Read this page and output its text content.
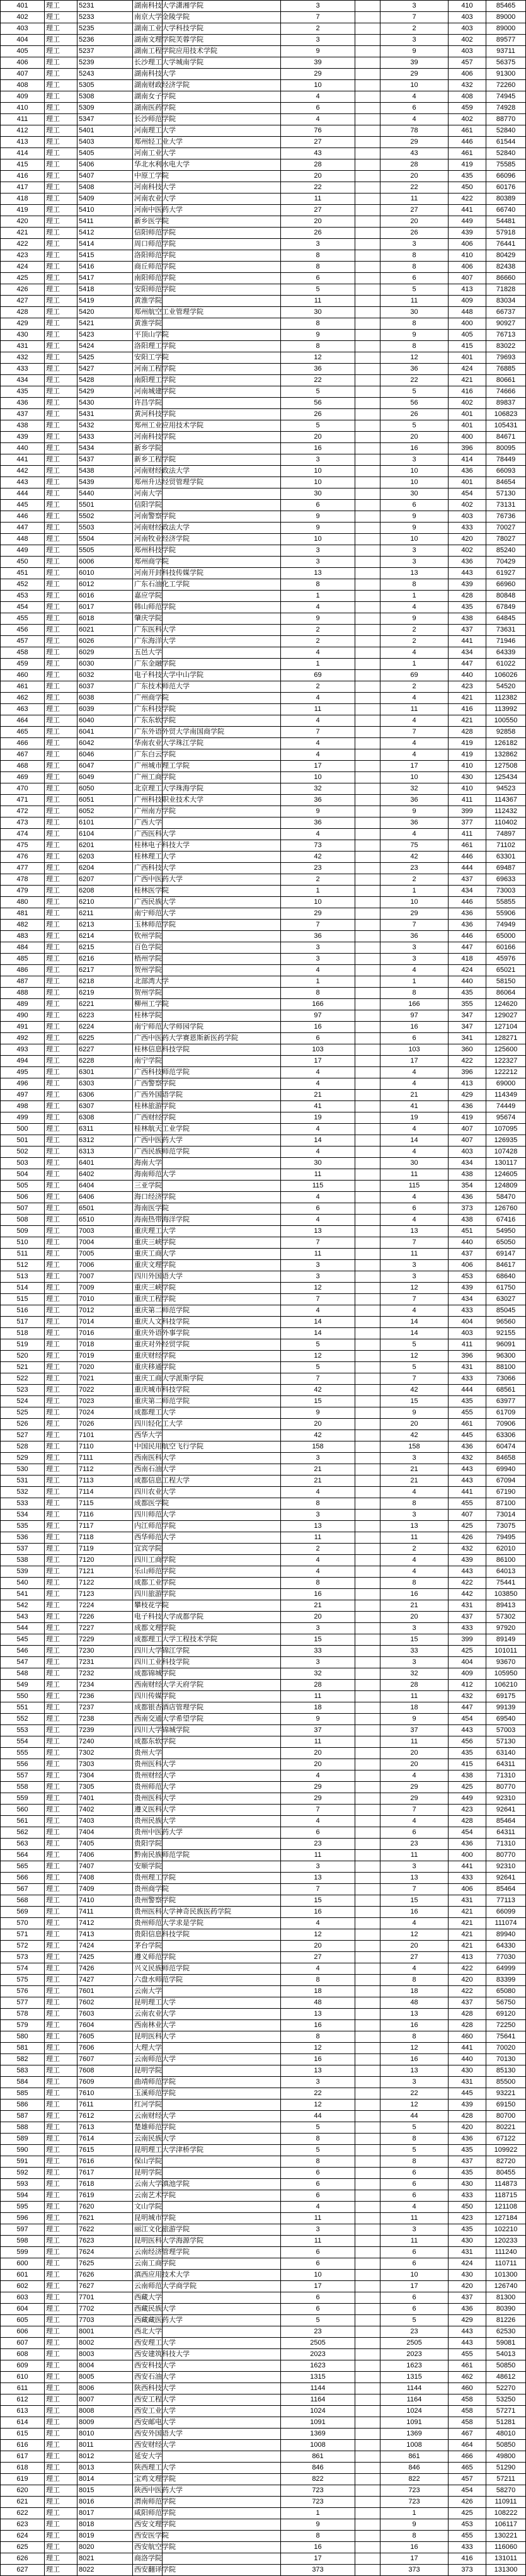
401	理工	5231	湖南科技大学潇湘学院		3		3	410	85465
402	理工	5233	南京大学金陵学院		7		7	403	89000
403	理工	5235	湖南工业大学科技学院		2		2	403	89000
404	理工	5236	湖南文理学院芙蓉学院		3		3	402	89577
405	理工	5237	湖南工程学院应用技术学院		9		9	403	93711
406	理工	5239	长沙理工大学城南学院		39		39	457	56375
407	理工	5243	湖南科技大学		29		29	406	91300
408	理工	5305	湖南财政经济学院		10		10	432	72260
409	理工	5308	湖南女子学院		4		4	408	74945
410	理工	5309	湖南医药学院		6		6	459	74928
411	理工	5347	长沙师范学院		4		4	402	88770
412	理工	5401	河南理工大学		76		78	461	52840
413	理工	5403	郑州轻工业大学		27		29	446	61544
414	理工	5405	河南工业大学		43		43	461	52840
415	理工	5406	华北水利水电大学		28		28	419	75585
416	理工	5407	中原工学院		20		20	435	66096
417	理工	5408	河南科技大学		22		22	450	60176
418	理工	5409	河南农业大学		11		11	422	80389
419	理工	5410	河南中医药大学		27		27	441	66740
420	理工	5411	新乡医学院		20		20	449	54481
421	理工	5412	信阳师范学院		26		26	439	57918
422	理工	5414	周口师范学院		3		3	406	76441
423	理工	5415	洛阳师范学院		8		8	410	80429
424	理工	5416	商丘师范学院		8		8	406	82438
425	理工	5417	南阳师范学院		6		6	407	86660
426	理工	5418	安阳师范学院		5		5	413	71828
427	理工	5419	黄淮学院		11		11	409	83034
428	理工	5420	郑州航空工业管理学院		30		30	448	66737
429	理工	5421	黄淮学院		8		8	400	90927
430	理工	5423	平顶山学院		9		9	405	76713
431	理工	5424	洛阳理工学院		8		8	415	83022
432	理工	5425	安阳工学院		12		12	401	79693
433	理工	5427	河南工程学院		36		36	424	76885
434	理工	5428	南阳理工学院		22		22	421	80661
435	理工	5429	河南城建学院		5		5	416	74666
436	理工	5430	许昌学院		56		56	402	89837
437	理工	5431	黄河科技学院		26		26	401	106823
438	理工	5432	郑州工业应用技术学院		5		5	401	105431
439	理工	5433	河南科技学院		20		20	400	84671
440	理工	5434	新乡学院		16		16	396	80095
441	理工	5437	新乡工程学院		3		3	414	78449
442	理工	5438	河南财经政法大学		10		10	436	66093
443	理工	5439	郑州升达经贸管理学院		10		10	401	84654
444	理工	5440	河南大学		30		30	454	57130
445	理工	5501	信阳学院		6		6	402	73131
446	理工	5502	河南警察学院		9		9	403	76736
447	理工	5503	河南财经政法大学		9		9	433	70027
448	理工	5504	河南牧业经济学院		10		10	420	78027
449	理工	5505	郑州科技学院		3		3	402	85240
450	理工	6006	郑州商学院		3		3	436	70429
451	理工	6010	河南开封科技传媒学院		13		13	443	61927
452	理工	6012	广东石油化工学院		8		8	439	66960
453	理工	6016	嘉应学院		1		1	428	80848
454	理工	6017	韩山师范学院		4		4	435	67849
455	理工	6018	肇庆学院		9		9	438	64845
456	理工	6021	广东医科大学		2		2	437	73631
457	理工	6026	广东海洋大学		2		2	441	71946
458	理工	6029	五邑大学		4		4	434	64339
459	理工	6030	广东金融学院		1		1	447	61022
460	理工	6032	电子科技大学中山学院		69		69	440	106026
461	理工	6037	广东技术师范大学		2		2	423	54520
462	理工	6038	广州商学院		4		4	421	112382
463	理工	6039	广东科技学院		11		11	416	113992
464	理工	6040	广东东软学院		4		4	421	100550
465	理工	6041	广东外语外贸大学南国商学院		7		7	428	92858
466	理工	6042	华南农业大学珠江学院		4		4	419	126182
467	理工	6046	广东白云学院		4		4	419	132862
468	理工	6047	广州城市理工学院		17		17	410	127508
469	理工	6049	广州工商学院		10		10	430	125434
470	理工	6050	北京理工大学珠海学院		32		32	410	94523
471	理工	6051	广州科技职业技术大学		36		36	411	114367
472	理工	6052	广州南方学院		9		9	399	112432
473	理工	6101	广西大学		36		36	377	110402
474	理工	6104	广西医科大学		4		4	411	74897
475	理工	6201	桂林电子科技大学		73		75	461	71102
476	理工	6203	桂林理工大学		42		42	446	63301
477	理工	6204	广西科技大学		23		23	444	69487
478	理工	6207	广西中医药大学		2		2	437	69633
479	理工	6208	桂林医学院		1		1	434	73003
480	理工	6210	广西民族大学		10		10	446	55855
481	理工	6211	南宁师范大学		29		29	436	55906
482	理工	6213	玉林师范学院		7		7	436	74949
483	理工	6214	钦州学院		36		36	446	65000
484	理工	6215	百色学院		3		3	447	60166
485	理工	6216	梧州学院		3		3	418	45976
486	理工	6217	贺州学院		4		4	424	65021
487	理工	6218	北部湾大学		1		1	440	58150
488	理工	6219	贺州学院		8		8	435	86064
489	理工	6221	柳州工学院		166		166	355	124620
490	理工	6223	桂林学院		97		97	347	129027
491	理工	6224	南宁师范大学师园学院		16		16	347	127104
492	理工	6225	广西中医药大学赛恩斯新医药学院		6		6	341	128271
493	理工	6227	桂林信息科技学院		103		103	360	125600
494	理工	6228	南宁学院		17		17	422	122327
495	理工	6301	广西科技师范学院		4		4	396	122212
496	理工	6303	广西警察学院		4		4	413	69000
497	理工	6306	广西外国语学院		21		21	429	114349
498	理工	6307	桂林旅游学院		41		41	436	74449
499	理工	6308	广西财经学院		19		19	419	95674
500	理工	6311	桂林航天工业学院		4		4	407	107095
501	理工	6312	广西中医药大学		14		14	407	126935
502	理工	6313	广西民族师范学院		4		4	403	107428
503	理工	6401	海南大学		30		30	434	130117
504	理工	6402	海南师范大学		11		11	438	124605
505	理工	6404	三亚学院		115		115	354	124809
506	理工	6406	海口经济学院		4		4	436	58470
507	理工	6501	海南医学院		6		6	373	126760
508	理工	6510	海南热带海洋学院		4		4	438	67416
509	理工	7003	重庆理工大学		13		13	451	54950
510	理工	7004	重庆三峡学院		7		7	440	65050
511	理工	7005	重庆工商大学		11		11	437	69147
512	理工	7006	重庆文理学院		3		3	406	84617
513	理工	7007	四川外国语大学		3		3	453	68640
514	理工	7009	重庆三峡学院		12		12	439	61750
515	理工	7010	重庆工程学院		7		7	434	63027
516	理工	7012	重庆第二师范学院		4		4	433	85045
517	理工	7014	重庆人文科技学院		14		14	404	96560
518	理工	7016	重庆外语外事学院		14		14	403	92155
519	理工	7018	重庆对外经贸学院		5		5	411	96091
520	理工	7019	重庆财经学院		12		12	396	96300
521	理工	7020	重庆移通学院		5		5	431	88100
522	理工	7021	重庆工商大学派斯学院		7		7	433	73066
523	理工	7022	重庆城市科技学院		42		42	444	68561
524	理工	7023	重庆第二师范学院		15		15	435	63977
525	理工	7024	成都理工大学		9		9	455	61709
526	理工	7026	四川轻化工大学		20		20	461	70906
527	理工	7101	西华大学		42		42	445	63306
528	理工	7110	中国民用航空飞行学院		158		158	436	60474
529	理工	7111	西南医科大学		3		3	432	84658
530	理工	7112	西南石油大学		21		21	443	69940
531	理工	7113	成都信息工程大学		21		21	443	67094
532	理工	7114	四川农业大学		4		4	441	67190
533	理工	7115	成都医学院		8		8	455	87100
534	理工	7116	四川师范大学		3		3	407	73014
535	理工	7117	内江师范学院		13		13	425	73075
536	理工	7118	西华师范大学		11		11	426	79495
537	理工	7119	宜宾学院		2		2	432	62010
538	理工	7120	四川工商学院		4		4	439	86100
539	理工	7121	乐山师范学院		4		4	443	64013
540	理工	7122	成都工业学院		8		8	422	75441
541	理工	7123	四川旅游学院		16		16	442	103850
542	理工	7224	攀枝花学院		21		21	431	89413
543	理工	7226	电子科技大学成都学院		20		20	437	57302
544	理工	7227	成都文理学院		3		3	433	97920
545	理工	7229	成都理工大学工程技术学院		15		15	399	89149
546	理工	7230	四川大学锦江学院		33		33	425	101011
547	理工	7231	四川工业科技学院		3		3	404	93670
548	理工	7232	成都锦城学院		32		32	409	105950
549	理工	7234	西南财经大学天府学院		28		28	412	106210
550	理工	7236	四川传媒学院		11		11	432	69175
551	理工	7237	成都银杏酒店管理学院		18		18	447	99139
552	理工	7238	西南交通大学希望学院		9		9	454	69540
553	理工	7239	四川大学锦城学院		37		37	443	57003
554	理工	7240	成都东软学院		11		11	456	57130
555	理工	7302	贵州大学		20		20	435	63140
556	理工	7303	贵州医科大学		20		20	415	64311
557	理工	7304	贵州财经大学		4		4	438	71310
558	理工	7305	贵州师范大学		29		29	425	80770
559	理工	7401	贵州医科大学		29		29	449	92310
560	理工	7402	遵义医科大学		7		7	423	92641
561	理工	7403	贵州民族大学		4		4	428	85464
562	理工	7404	贵州中医药大学		6		6	454	64311
563	理工	7405	贵阳学院		23		23	436	71310
564	理工	7406	黔南民族师范学院		11		11	400	80770
565	理工	7407	安顺学院		3		3	441	92310
566	理工	7408	贵州理工学院		13		13	433	92641
567	理工	7409	贵州商学院		7		7	406	85464
568	理工	7410	贵州警察学院		15		15	431	77113
569	理工	7411	贵州医科大学神奇民族医药学院		16		16	421	66099
570	理工	7412	贵州师范大学求是学院		4		4	421	111074
571	理工	7413	贵阳信息科技学院		12		12	421	89940
572	理工	7424	茅台学院		20		20	421	64330
573	理工	7425	遵义师范学院		27		27	413	77030
574	理工	7426	兴义民族师范学院		4		4	422	64999
575	理工	7427	六盘水师范学院		8		8	420	83399
576	理工	7601	云南大学		18		18	422	65080
577	理工	7602	昆明理工大学		48		48	437	56750
578	理工	7603	云南农业大学		13		13	428	69120
579	理工	7604	西南林业大学		16		16	428	72250
580	理工	7605	昆明医科大学		8		8	460	75641
581	理工	7606	大理大学		12		12	441	70020
582	理工	7607	云南师范大学		16		16	440	70130
583	理工	7608	昆明学院		13		13	430	85130
584	理工	7609	曲靖师范学院		3		3	431	85500
585	理工	7610	玉溪师范学院		22		22	445	93221
586	理工	7611	红河学院		12		12	439	69150
587	理工	7612	云南财经大学		44		44	428	80700
588	理工	7613	楚雄师范学院		5		5	420	80221
589	理工	7614	云南民族大学		8		8	436	67122
590	理工	7615	昆明理工大学津桥学院		5		5	435	109922
591	理工	7616	保山学院		8		8	437	82720
592	理工	7617	昆明学院		6		6	435	80455
593	理工	7618	云南大学滇池学院		6		6	430	114873
594	理工	7619	云南艺术学院		6		6	433	118715
595	理工	7620	文山学院		4		4	450	121108
596	理工	7621	昆明城市学院		11		11	423	127184
597	理工	7622	丽江文化旅游学院		3		3	435	102210
598	理工	7623	昆明医科大学海源学院		11		11	430	120233
599	理工	7624	云南经济管理学院		6		6	431	111240
600	理工	7625	云南工商学院		6		6	424	110711
601	理工	7626	滇西应用技术大学		10		10	430	101300
602	理工	7627	云南师范大学商学院		17		17	420	126740
603	理工	7701	西藏大学		6		6	437	81300
604	理工	7702	西藏民族大学		6		6	436	80390
605	理工	7703	西藏藏医药大学		5		5	429	81226
606	理工	8001	西北大学		23		23	443	62530
607	理工	8002	西安理工大学		2505		2505	443	59081
608	理工	8003	西安建筑科技大学		2023		2023	455	54013
609	理工	8004	西安科技大学		1623		1623	461	50850
610	理工	8005	西安石油大学		1315		1315	462	48612
611	理工	8006	陕西科技大学		1144		1144	460	52270
612	理工	8007	西安工程大学		1164		1164	458	53250
613	理工	8008	西安工业大学		1024		1024	458	57271
614	理工	8009	西安邮电大学		1091		1091	458	51281
615	理工	8010	西安外国语大学		1369		1369	467	48010
616	理工	8011	西安财经大学		1008		1008	464	50850
617	理工	8012	延安大学		861		861	466	49800
618	理工	8013	陕西理工大学		846		846	465	51290
619	理工	8014	宝鸡文理学院		822		822	457	57211
620	理工	8015	陕西中医药大学		723		723	454	58270
621	理工	8016	渭南师范学院		723		723	426	110911
622	理工	8017	咸阳师范学院		1		1	425	108222
623	理工	8018	西安文理学院		9		9	453	106117
624	理工	8019	西安医学院		8		8	455	130221
625	理工	8020	西安航空学院		16		16	433	116060
626	理工	8021	商洛学院		17		17	416	131011
627	理工	8022	西安翻译学院		373		373	373	131300
